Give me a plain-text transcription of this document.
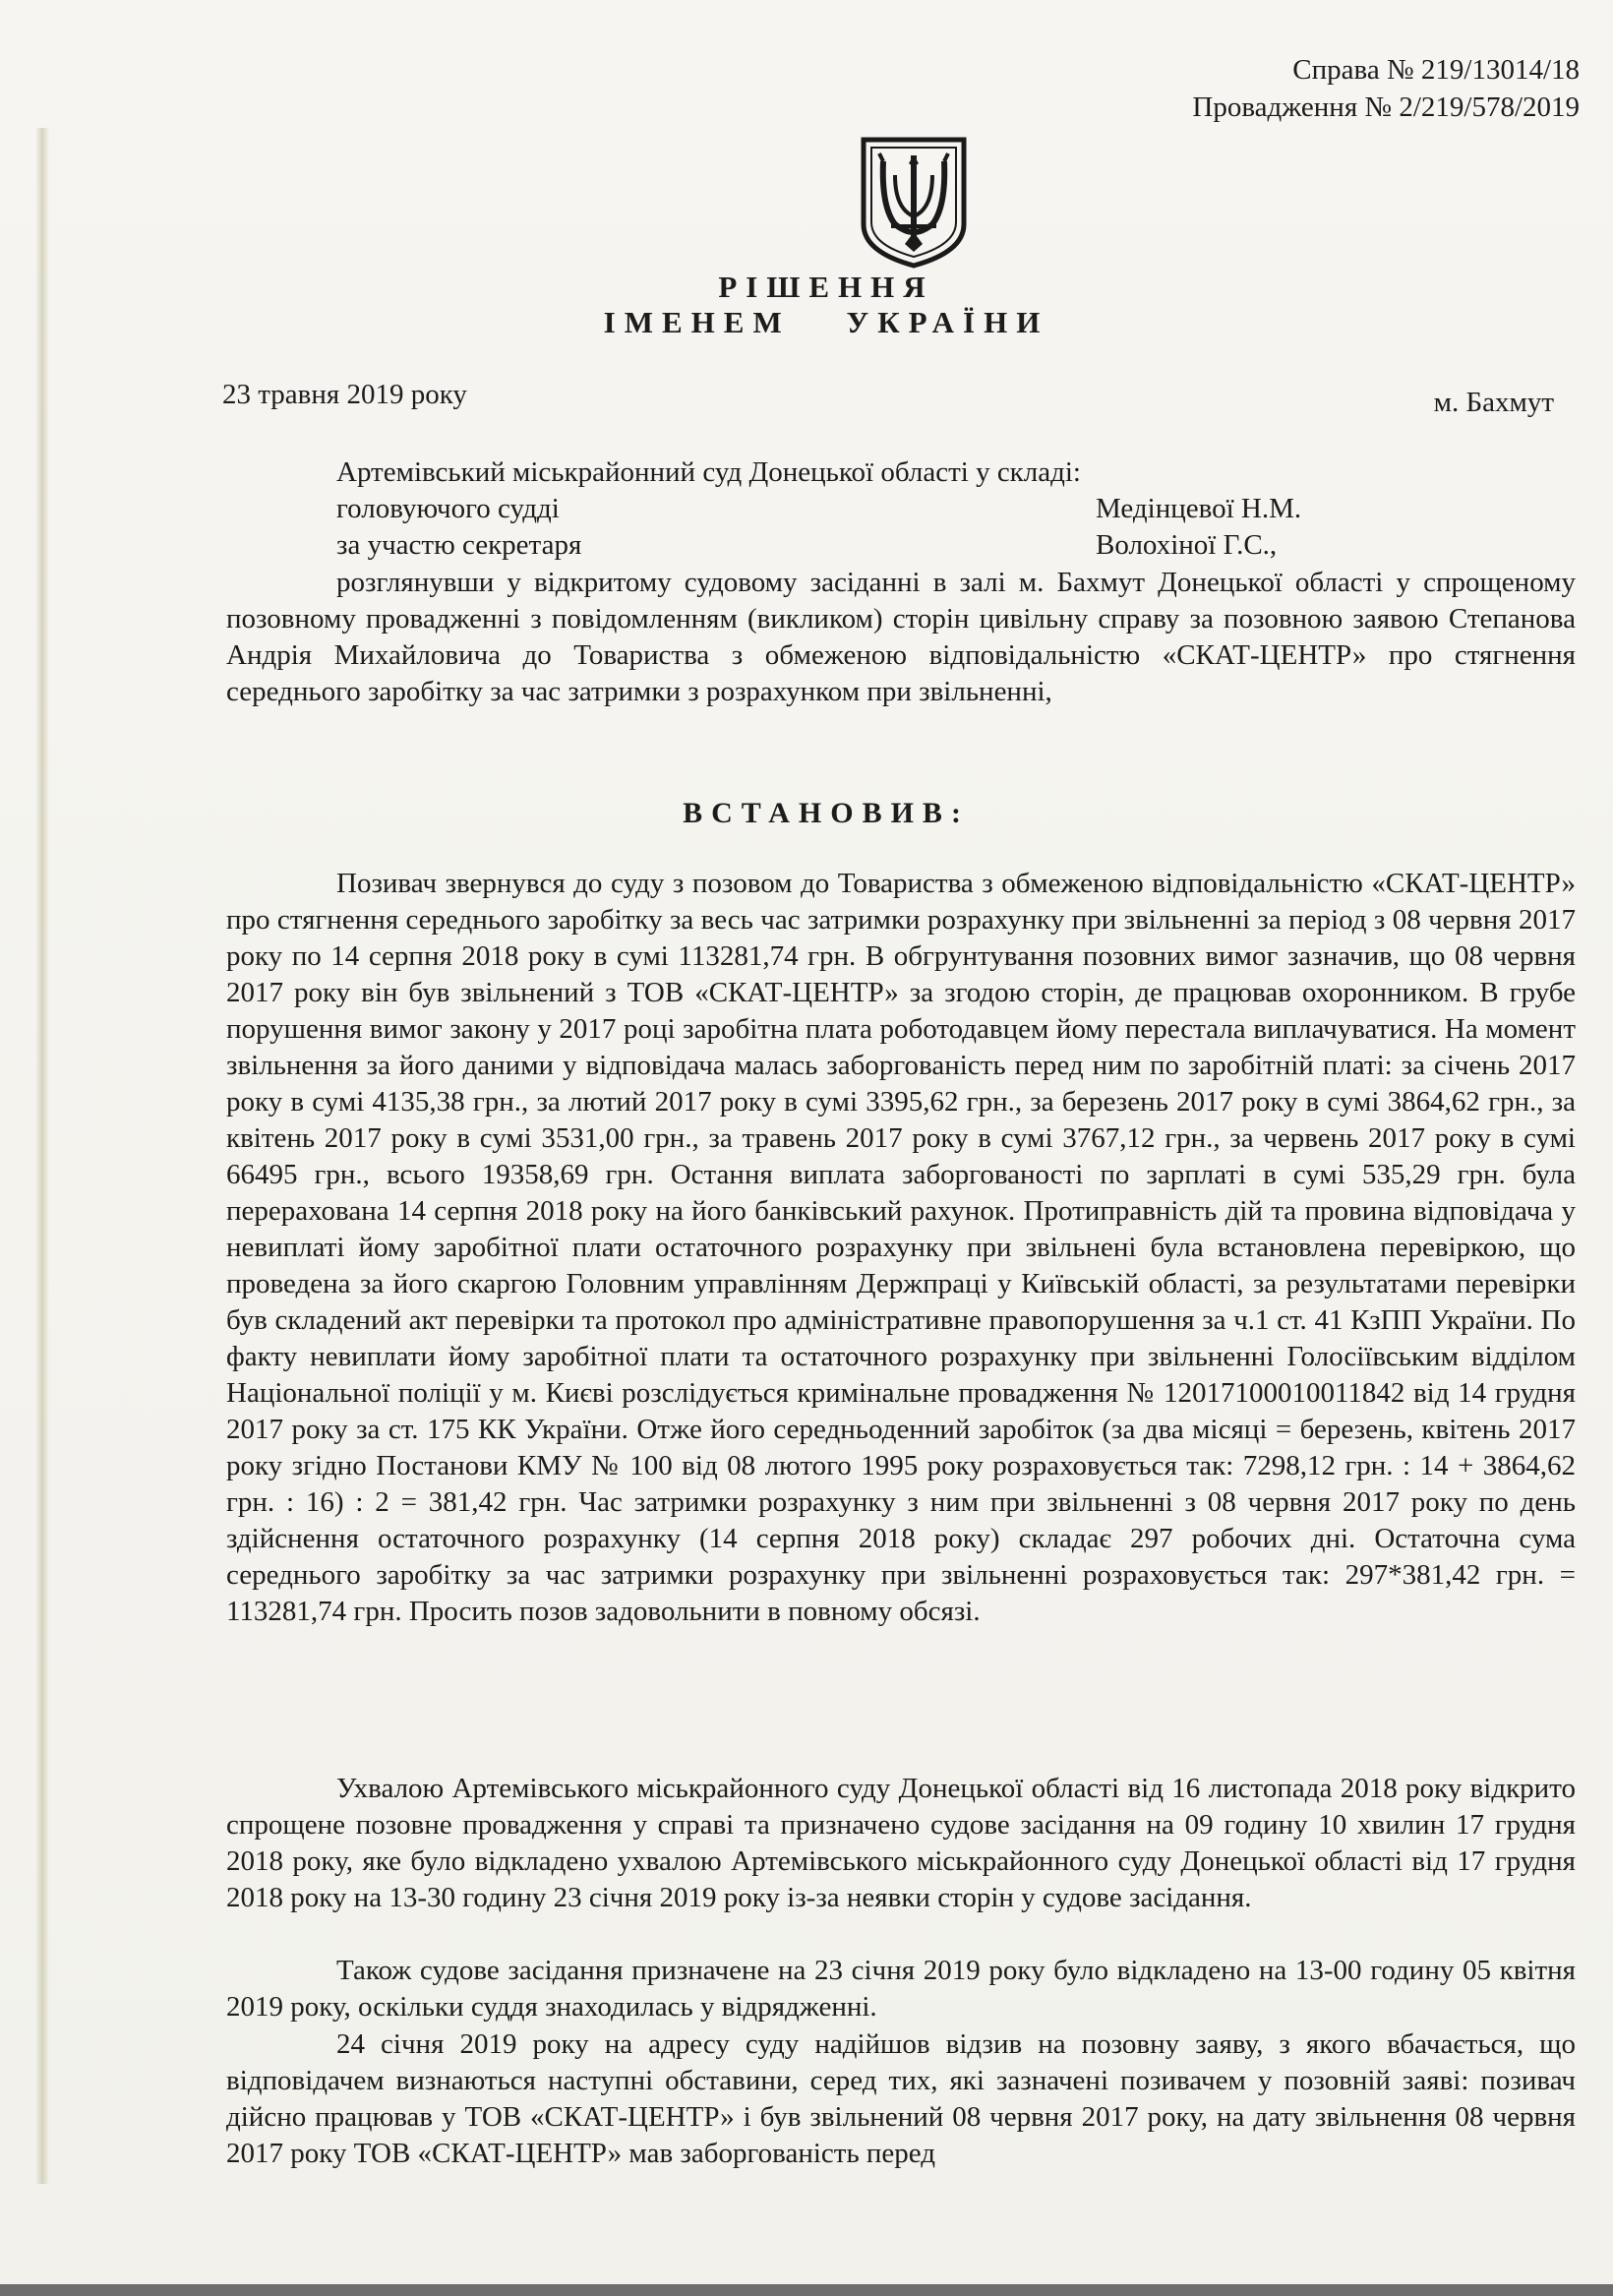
Справа № 219/13014/18
Провадження № 2/219/578/2019
РІШЕННЯ
ІМЕНЕМ УКРАЇНИ
23 травня 2019 року	м. Бахмут
Артемівський міськрайонний суд Донецької області у складі:
головуючого судді	Медінцевої Н.М.
за участю секретаря	Волохіної Г.С.,

розглянувши у відкритому судовому засіданні в залі м. Бахмут Донецької області у спрощеному позовному провадженні з повідомленням (викликом) сторін цивільну справу за позовною заявою Степанова Андрія Михайловича до Товариства з обмеженою відповідальністю «СКАТ-ЦЕНТР» про стягнення середнього заробітку за час затримки з розрахунком при звільненні,

ВСТАНОВИВ:

Позивач звернувся до суду з позовом до Товариства з обмеженою відповідальністю «СКАТ-ЦЕНТР» про стягнення середнього заробітку за весь час затримки розрахунку при звільненні за період з 08 червня 2017 року по 14 серпня 2018 року в сумі 113281,74 грн. В обгрунтування позовних вимог зазначив, що 08 червня 2017 року він був звільнений з ТОВ «СКАТ-ЦЕНТР» за згодою сторін, де працював охоронником. В грубе порушення вимог закону у 2017 році заробітна плата роботодавцем йому перестала виплачуватися. На момент звільнення за його даними у відповідача малась заборгованість перед ним по заробітній платі: за січень 2017 року в сумі 4135,38 грн., за лютий 2017 року в сумі 3395,62 грн., за березень 2017 року в сумі 3864,62 грн., за квітень 2017 року в сумі 3531,00 грн., за травень 2017 року в сумі 3767,12 грн., за червень 2017 року в сумі 66495 грн., всього 19358,69 грн. Остання виплата заборгованості по зарплаті в сумі 535,29 грн. була перерахована 14 серпня 2018 року на його банківський рахунок. Протиправність дій та провина відповідача у невиплаті йому заробітної плати остаточного розрахунку при звільнені була встановлена перевіркою, що проведена за його скаргою Головним управлінням Держпраці у Київській області, за результатами перевірки був складений акт перевірки та протокол про адміністративне правопорушення за ч.1 ст. 41 КзПП України. По факту невиплати йому заробітної плати та остаточного розрахунку при звільненні Голосіївським відділом Національної поліції у м. Києві розслідується кримінальне провадження № 12017100010011842 від 14 грудня 2017 року за ст. 175 КК України. Отже його середньоденний заробіток (за два місяці = березень, квітень 2017 року згідно Постанови КМУ № 100 від 08 лютого 1995 року розраховується так: 7298,12 грн. : 14 + 3864,62 грн. : 16) : 2 = 381,42 грн. Час затримки розрахунку з ним при звільненні з 08 червня 2017 року по день здійснення остаточного розрахунку (14 серпня 2018 року) складає 297 робочих дні. Остаточна сума середнього заробітку за час затримки розрахунку при звільненні розраховується так: 297*381,42 грн. = 113281,74 грн. Просить позов задовольнити в повному обсязі.

Ухвалою Артемівського міськрайонного суду Донецької області від 16 листопада 2018 року відкрито спрощене позовне провадження у справі та призначено судове засідання на 09 годину 10 хвилин 17 грудня 2018 року, яке було відкладено ухвалою Артемівського міськрайонного суду Донецької області від 17 грудня 2018 року на 13-30 годину 23 січня 2019 року із-за неявки сторін у судове засідання.

Також судове засідання призначене на 23 січня 2019 року було відкладено на 13-00 годину 05 квітня 2019 року, оскільки суддя знаходилась у відрядженні.

24 січня 2019 року на адресу суду надійшов відзив на позовну заяву, з якого вбачається, що відповідачем визнаються наступні обставини, серед тих, які зазначені позивачем у позовній заяві: позивач дійсно працював у ТОВ «СКАТ-ЦЕНТР» і був звільнений 08 червня 2017 року, на дату звільнення 08 червня 2017 року ТОВ «СКАТ-ЦЕНТР» мав заборгованість перед
